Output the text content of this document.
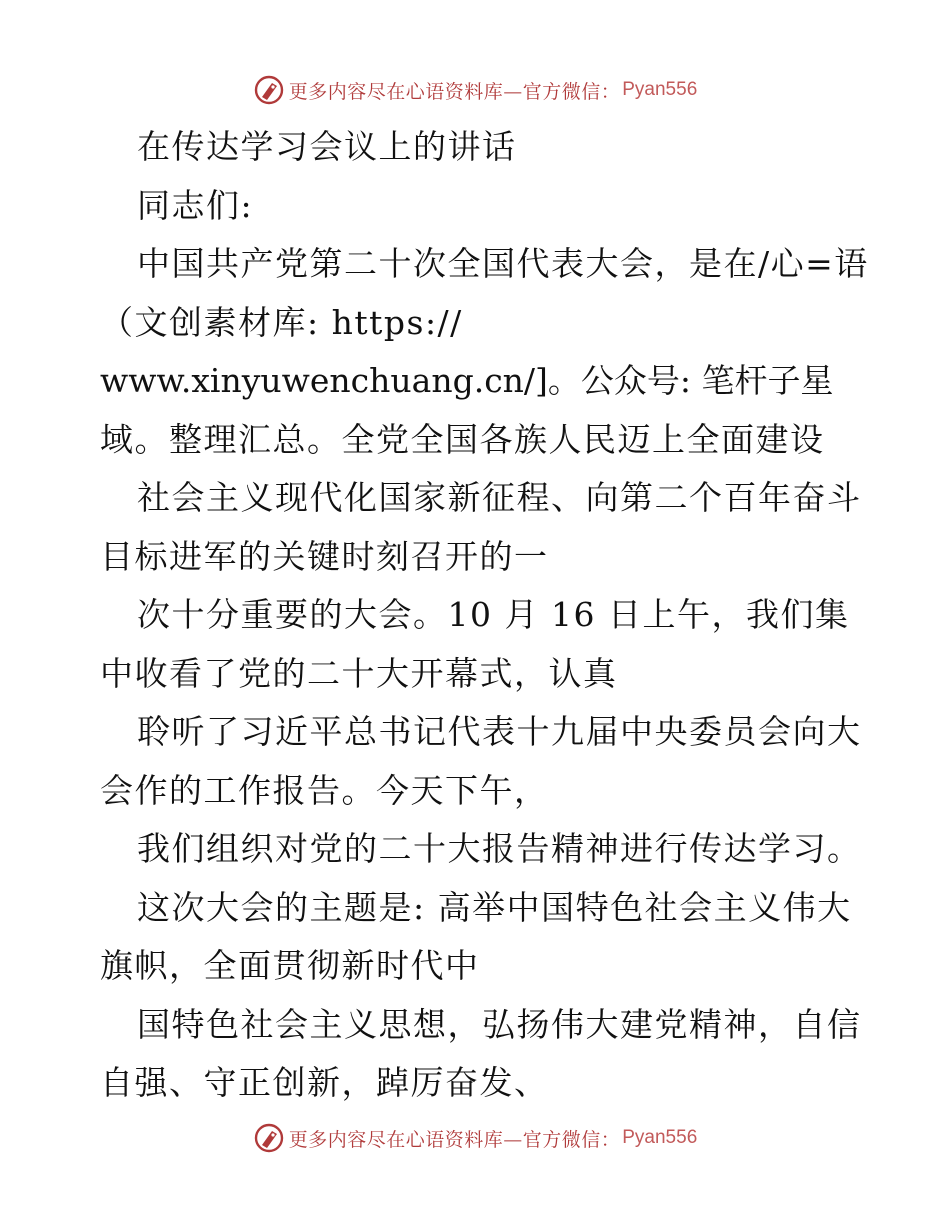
更多内容尽在心语资料库—官方微信： Pyan556
在传达学习会议上的讲话
同志们:
中国共产党第二十次全国代表大会，是在/心=语
（文创素材库: https://
www.xinyuwenchuang.cn/]。公众号: 笔杆子星
域。整理汇总。全党全国各族人民迈上全面建设
社会主义现代化国家新征程、向第二个百年奋斗
目标进军的关键时刻召开的一
次十分重要的大会。10 月 16 日上午，我们集
中收看了党的二十大开幕式，认真
聆听了习近平总书记代表十九届中央委员会向大
会作的工作报告。今天下午，
我们组织对党的二十大报告精神进行传达学习。
这次大会的主题是: 高举中国特色社会主义伟大
旗帜，全面贯彻新时代中
国特色社会主义思想，弘扬伟大建党精神，自信
自强、守正创新，踔厉奋发、
更多内容尽在心语资料库—官方微信： Pyan556
